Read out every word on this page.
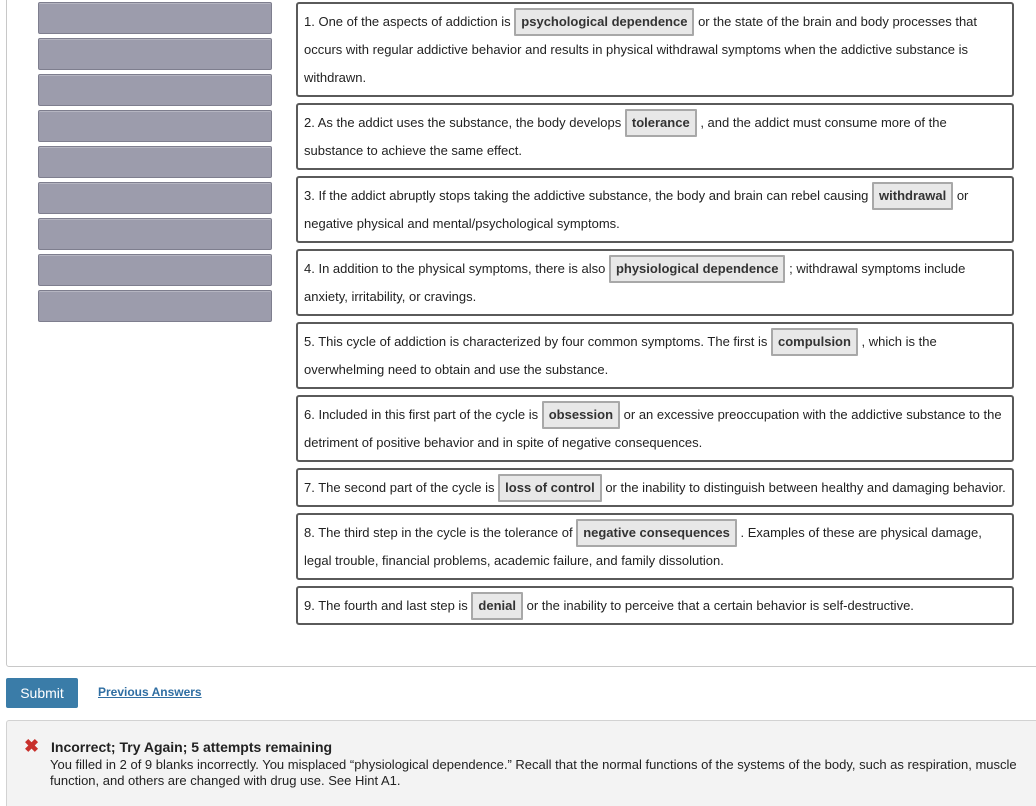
1. One of the aspects of addiction is psychological dependence or the state of the brain and body processes that occurs with regular addictive behavior and results in physical withdrawal symptoms when the addictive substance is withdrawn.
2. As the addict uses the substance, the body develops tolerance , and the addict must consume more of the substance to achieve the same effect.
3. If the addict abruptly stops taking the addictive substance, the body and brain can rebel causing withdrawal or negative physical and mental/psychological symptoms.
4. In addition to the physical symptoms, there is also physiological dependence ; withdrawal symptoms include anxiety, irritability, or cravings.
5. This cycle of addiction is characterized by four common symptoms. The first is compulsion , which is the overwhelming need to obtain and use the substance.
6. Included in this first part of the cycle is obsession or an excessive preoccupation with the addictive substance to the detriment of positive behavior and in spite of negative consequences.
7. The second part of the cycle is loss of control or the inability to distinguish between healthy and damaging behavior.
8. The third step in the cycle is the tolerance of negative consequences . Examples of these are physical damage, legal trouble, financial problems, academic failure, and family dissolution.
9. The fourth and last step is denial or the inability to perceive that a certain behavior is self-destructive.
Submit	Previous Answers
✖ Incorrect; Try Again; 5 attempts remaining
You filled in 2 of 9 blanks incorrectly. You misplaced “physiological dependence.” Recall that the normal functions of the systems of the body, such as respiration, muscle function, and others are changed with drug use. See Hint A1.
